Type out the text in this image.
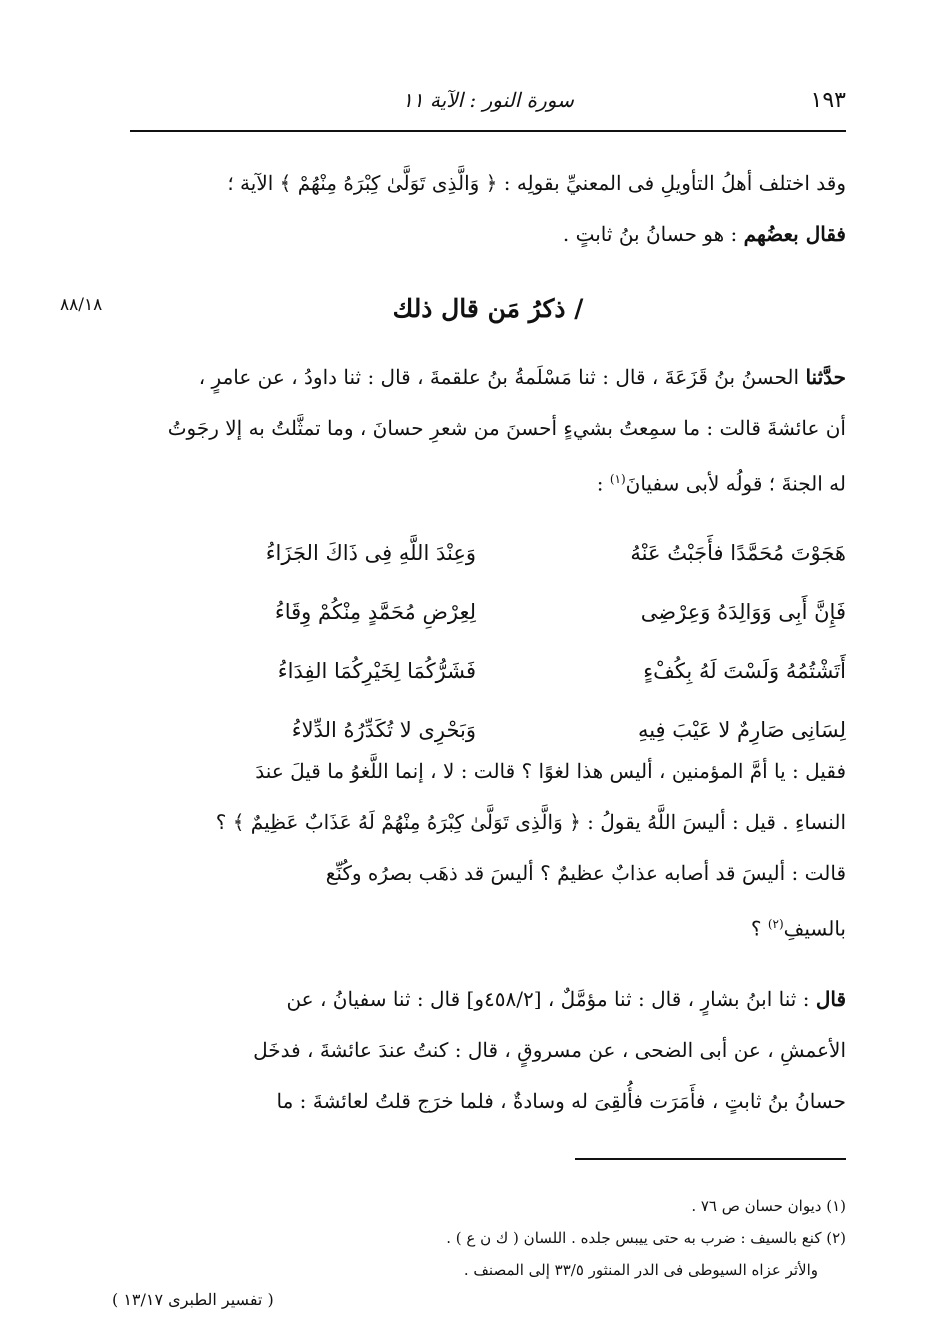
١٩٣
سورة النور : الآية ١١
وقد اختلف أهلُ التأويلِ فى المعنيِّ بقولِه : ﴿ وَالَّذِى تَوَلَّىٰ كِبْرَهُ مِنْهُمْ ﴾ الآية ؛
فقال بعضُهم : هو حسانُ بنُ ثابتٍ .
/ ذكرُ مَن قال ذلك
٨٨/١٨
حدَّثنا الحسنُ بنُ قَزَعَةَ ، قال : ثنا مَسْلَمةُ بنُ علقمةَ ، قال : ثنا داودُ ، عن عامرٍ ،
أن عائشةَ قالت : ما سمِعتُ بشيءٍ أحسنَ من شعرِ حسانَ ، وما تمثَّلتُ به إلا رجَوتُ
له الجنةَ ؛ قولُه لأبى سفيانَ$^{(١)}$ :
هَجَوْتَ مُحَمَّدًا فأَجَبْتُ عَنْهُ
وَعِنْدَ اللَّهِ فِى ذَاكَ الجَزَاءُ
فَإِنَّ أَبِى وَوَالِدَهُ وَعِرْضِى
لِعِرْضِ مُحَمَّدٍ مِنْكُمْ وِقَاءُ
أَتَشْتُمُهُ وَلَسْتَ لَهُ بِكُفْءٍ
فَشَرُّكُمَا لِخَيْرِكُمَا الفِدَاءُ
لِسَانِى صَارِمٌ لا عَيْبَ فِيهِ
وَبَحْرِى لا تُكَدِّرُهُ الدِّلاءُ
فقيل : يا أمَّ المؤمنين ، أليس هذا لغوًا ؟ قالت : لا ، إنما اللَّغوُ ما قيلَ عندَ
النساءِ . قيل : أليسَ اللَّهُ يقولُ : ﴿ وَالَّذِى تَوَلَّىٰ كِبْرَهُ مِنْهُمْ لَهُ عَذَابٌ عَظِيمٌ ﴾ ؟
قالت : أليسَ قد أصابه عذابٌ عظيمٌ ؟ أليسَ قد ذهَب بصرُه وكُنِّع
بالسيفِ$^{(٢)}$ ؟
قال : ثنا ابنُ بشارٍ ، قال : ثنا مؤمَّلٌ ، [٤٥٨/٢و] قال : ثنا سفيانُ ، عن
الأعمشِ ، عن أبى الضحى ، عن مسروقٍ ، قال : كنتُ عندَ عائشةَ ، فدخَل
حسانُ بنُ ثابتٍ ، فأَمَرَت فأُلقِىَ له وسادةٌ ، فلما خرَج قلتُ لعائشةَ : ما
(١) ديوان حسان ص ٧٦ .
(٢) كنع بالسيف : ضرب به حتى ييبس جلده . اللسان ( ك ن ع ) .
والأثر عزاه السيوطى فى الدر المنثور ٣٣/٥ إلى المصنف .
( تفسير الطبرى ١٣/١٧ )
